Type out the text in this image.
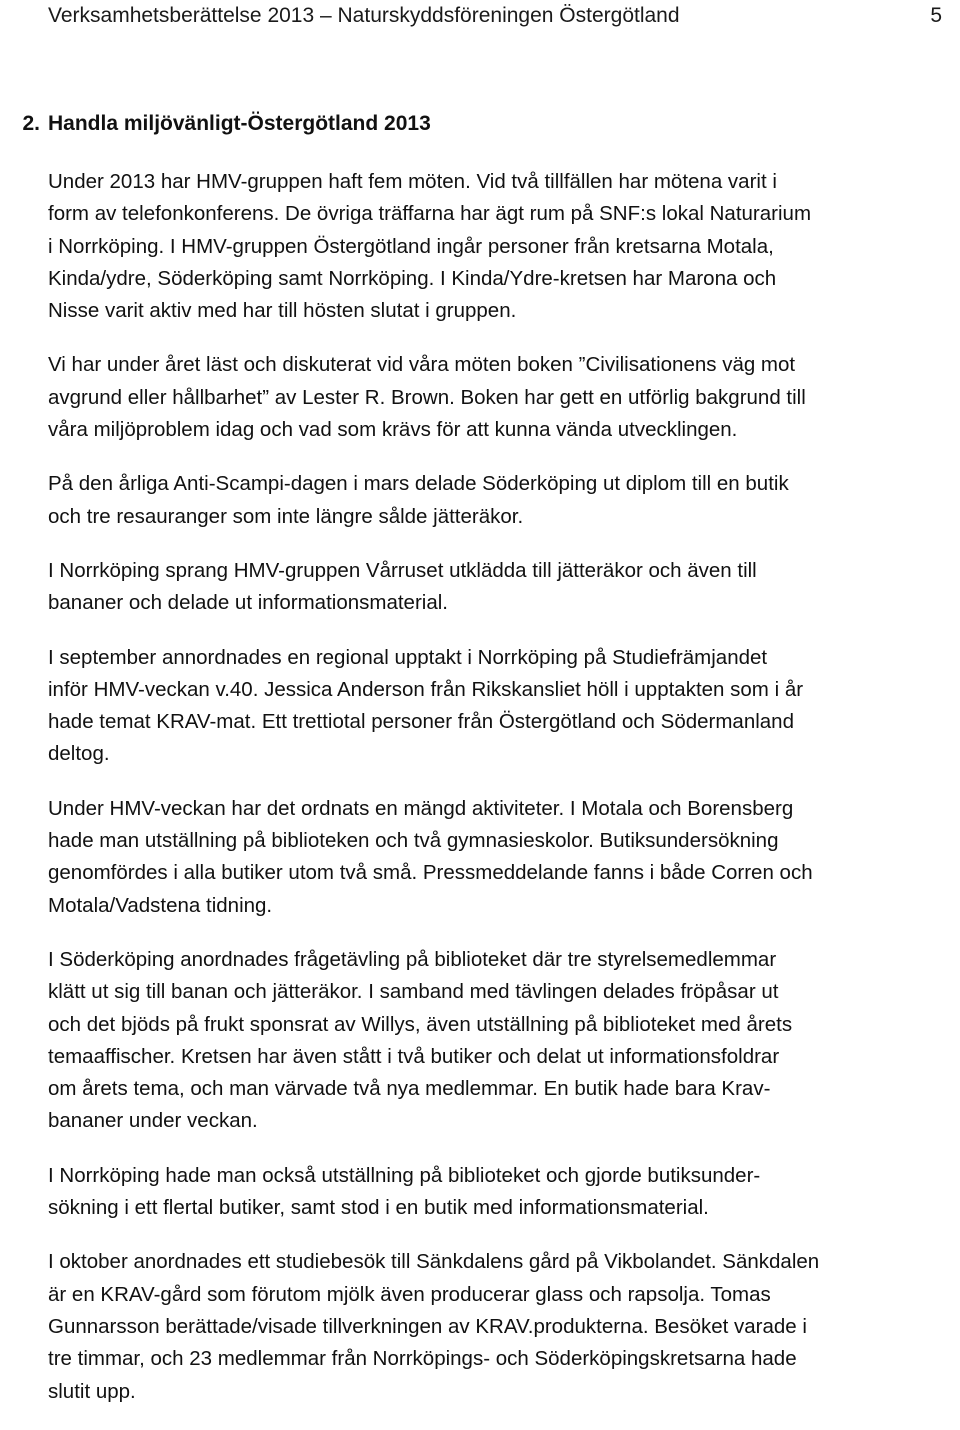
Verksamhetsberättelse 2013 – Naturskyddsföreningen Östergötland	5
2. Handla miljövänligt-Östergötland 2013

Under 2013 har HMV-gruppen haft fem möten. Vid två tillfällen har mötena varit i
form av telefonkonferens. De övriga träffarna har ägt rum på SNF:s lokal Naturarium
i Norrköping. I HMV-gruppen Östergötland ingår personer från kretsarna Motala,
Kinda/ydre, Söderköping samt Norrköping. I Kinda/Ydre-kretsen har Marona och
Nisse varit aktiv med har till hösten slutat i gruppen.

Vi har under året läst och diskuterat vid våra möten boken ”Civilisationens väg mot
avgrund eller hållbarhet” av Lester R. Brown. Boken har gett en utförlig bakgrund till
våra miljöproblem idag och vad som krävs för att kunna vända utvecklingen.

På den årliga Anti-Scampi-dagen i mars delade Söderköping ut diplom till en butik
och tre resauranger som inte längre sålde jätteräkor.

I Norrköping sprang HMV-gruppen Vårruset utklädda till jätteräkor och även till
bananer och delade ut informationsmaterial.

I september annordnades en regional upptakt i Norrköping på Studiefrämjandet
inför HMV-veckan v.40. Jessica Anderson från Rikskansliet höll i upptakten som i år
hade temat KRAV-mat. Ett trettiotal personer från Östergötland och Södermanland
deltog.

Under HMV-veckan har det ordnats en mängd aktiviteter. I Motala och Borensberg
hade man utställning på biblioteken och två gymnasieskolor. Butiksundersökning
genomfördes i alla butiker utom två små. Pressmeddelande fanns i både Corren och
Motala/Vadstena tidning.

I Söderköping anordnades frågetävling på biblioteket där tre styrelsemedlemmar
klätt ut sig till banan och jätteräkor. I samband med tävlingen delades fröpåsar ut
och det bjöds på frukt sponsrat av Willys, även utställning på biblioteket med årets
temaaffischer. Kretsen har även stått i två butiker och delat ut informationsfoldrar
om årets tema, och man värvade två nya medlemmar. En butik hade bara Krav-
bananer under veckan.

I Norrköping hade man också utställning på biblioteket och gjorde butiksunder-
sökning i ett flertal butiker, samt stod i en butik med informationsmaterial.

I oktober anordnades ett studiebesök till Sänkdalens gård på Vikbolandet. Sänkdalen
är en KRAV-gård som förutom mjölk även producerar glass och rapsolja. Tomas
Gunnarsson berättade/visade tillverkningen av KRAV.produkterna. Besöket varade i
tre timmar, och 23 medlemmar från Norrköpings- och Söderköpingskretsarna hade
slutit upp.
